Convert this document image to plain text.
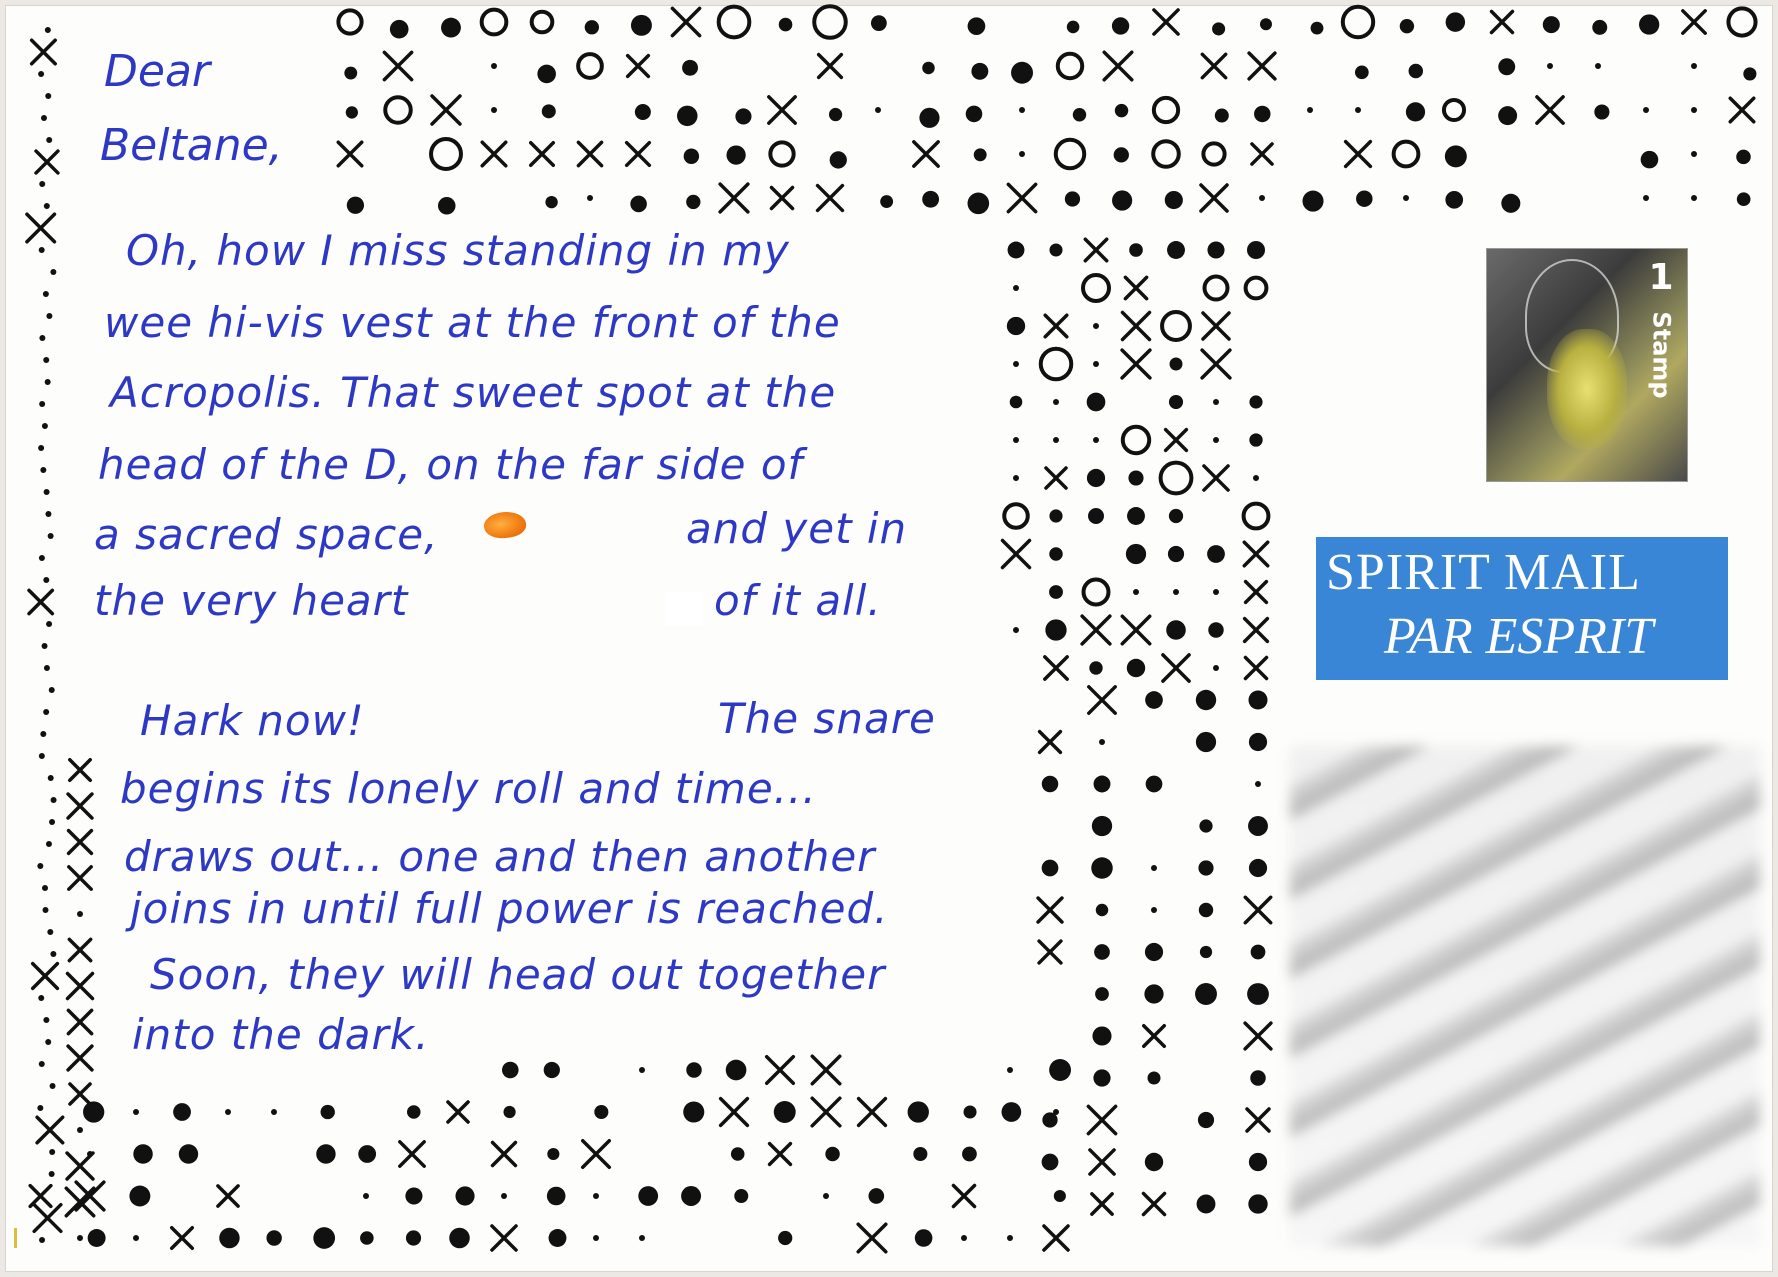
Dear
Beltane,
Oh, how I miss standing in my
wee hi-vis vest at the front of the
Acropolis. That sweet spot at the
head of the D, on the far side of
a sacred space,	and yet in
the very heart	of it all.
Hark now!	The snare
begins its lonely roll and time...
draws out... one and then another
joins in until full power is reached.
Soon, they will head out together
into the dark.
1
Stamp
SPIRIT MAIL
PAR ESPRIT
